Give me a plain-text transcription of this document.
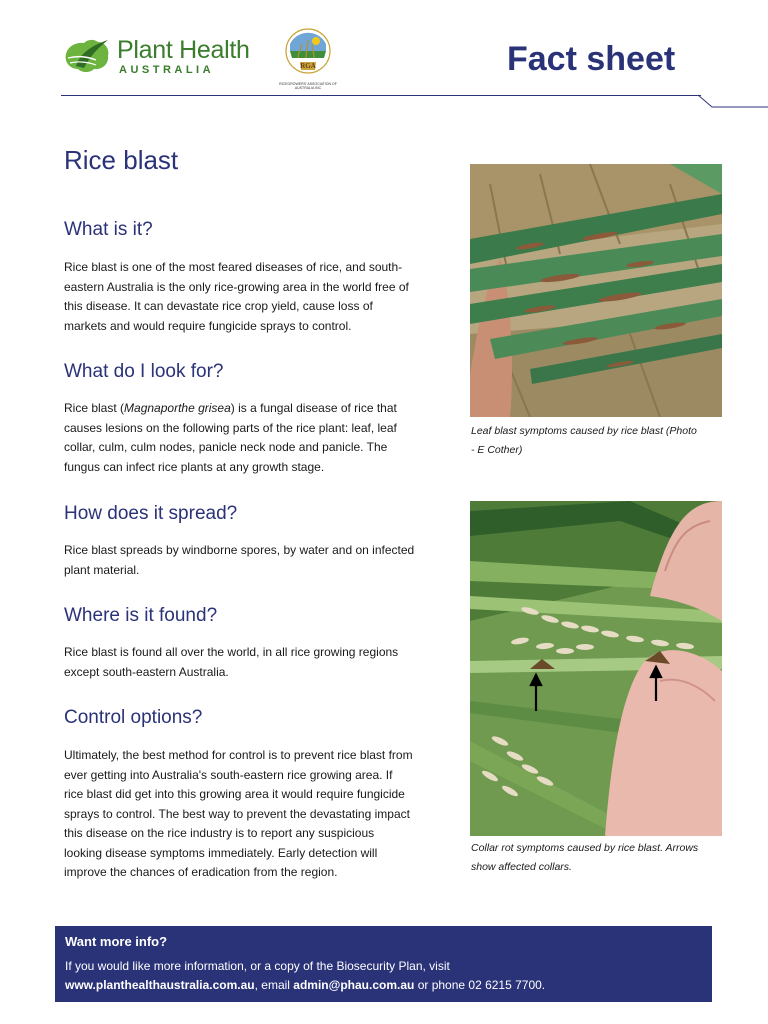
Plant Health
AUSTRALIA	RGA
RICEGROWERS' ASSOCIATION OF AUSTRALIA INC
Fact sheet
Rice blast
What is it?
Rice blast is one of the most feared diseases of rice, and south-
eastern Australia is the only rice-growing area in the world free of
this disease. It can devastate rice crop yield, cause loss of
markets and would require fungicide sprays to control.
What do I look for?
Rice blast (Magnaporthe grisea) is a fungal disease of rice that
causes lesions on the following parts of the rice plant: leaf, leaf
collar, culm, culm nodes, panicle neck node and panicle. The
fungus can infect rice plants at any growth stage.
How does it spread?
Rice blast spreads by windborne spores, by water and on infected
plant material.
Where is it found?
Rice blast is found all over the world, in all rice growing regions
except south-eastern Australia.
Control options?
Ultimately, the best method for control is to prevent rice blast from
ever getting into Australia's south-eastern rice growing area. If
rice blast did get into this growing area it would require fungicide
sprays to control. The best way to prevent the devastating impact
this disease on the rice industry is to report any suspicious
looking disease symptoms immediately. Early detection will
improve the chances of eradication from the region.
Leaf blast symptoms caused by rice blast (Photo
- E Cother)
Collar rot symptoms caused by rice blast. Arrows
show affected collars.
Want more info?
If you would like more information, or a copy of the Biosecurity Plan, visit
www.planthealthaustralia.com.au, email admin@phau.com.au or phone 02 6215 7700.
